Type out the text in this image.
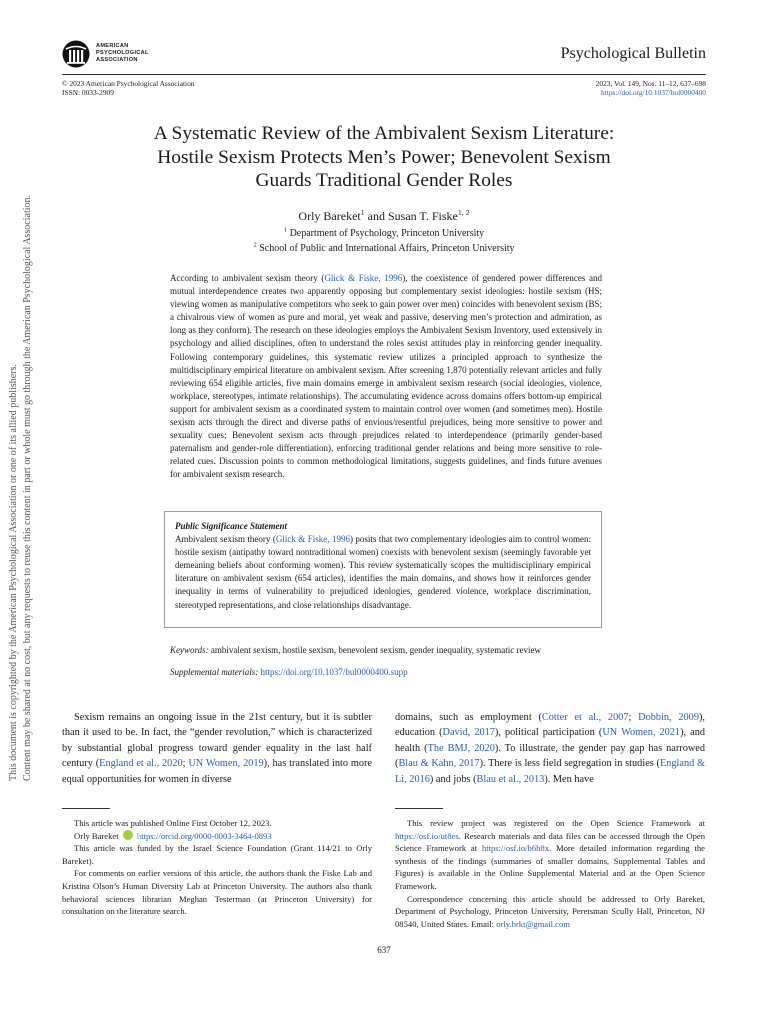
AMERICAN
PSYCHOLOGICAL
ASSOCIATION	Psychological Bulletin
© 2023 American Psychological Association
ISSN: 0033-2909
2023, Vol. 149, Nos. 11–12, 637–698
https://doi.org/10.1037/bul0000400
A Systematic Review of the Ambivalent Sexism Literature:
Hostile Sexism Protects Men’s Power; Benevolent Sexism
Guards Traditional Gender Roles
Orly Bareket$^1$ and Susan T. Fiske$^{1, 2}$
$^1$ Department of Psychology, Princeton University
$^2$ School of Public and International Affairs, Princeton University

According to ambivalent sexism theory (Glick & Fiske, 1996), the coexistence of gendered power differences and mutual interdependence creates two apparently opposing but complementary sexist ideologies: hostile sexism (HS; viewing women as manipulative competitors who seek to gain power over men) coincides with benevolent sexism (BS; a chivalrous view of women as pure and moral, yet weak and passive, deserving men’s protection and admiration, as long as they conform). The research on these ideologies employs the Ambivalent Sexism Inventory, used extensively in psychology and allied disciplines, often to understand the roles sexist attitudes play in reinforcing gender inequality. Following contemporary guidelines, this systematic review utilizes a principled approach to synthesize the multidisciplinary empirical literature on ambivalent sexism. After screening 1,870 potentially relevant articles and fully reviewing 654 eligible articles, five main domains emerge in ambivalent sexism research (social ideologies, violence, workplace, stereotypes, intimate relationships). The accumulating evidence across domains offers bottom-up empirical support for ambivalent sexism as a coordinated system to maintain control over women (and sometimes men). Hostile sexism acts through the direct and diverse paths of envious/resentful prejudices, being more sensitive to power and sexuality cues; Benevolent sexism acts through prejudices related to interdependence (primarily gender-based paternalism and gender-role differentiation), enforcing traditional gender relations and being more sensitive to role-related cues. Discussion points to common methodological limitations, suggests guidelines, and finds future avenues for ambivalent sexism research.

Public Significance Statement

Ambivalent sexism theory (Glick & Fiske, 1996) posits that two complementary ideologies aim to control women: hostile sexism (antipathy toward nontraditional women) coexists with benevolent sexism (seemingly favorable yet demeaning beliefs about conforming women). This review systematically scopes the multidisciplinary empirical literature on ambivalent sexism (654 articles), identifies the main domains, and shows how it reinforces gender inequality in terms of vulnerability to prejudiced ideologies, gendered violence, workplace discrimination, stereotyped representations, and close relationships disadvantage.

Keywords: ambivalent sexism, hostile sexism, benevolent sexism, gender inequality, systematic review
Supplemental materials: https://doi.org/10.1037/bul0000400.supp

Sexism remains an ongoing issue in the 21st century, but it is subtler than it used to be. In fact, the “gender revolution,” which is characterized by substantial global progress toward gender equality in the last half century (England et al., 2020; UN Women, 2019), has translated into more equal opportunities for women in diverse

domains, such as employment (Cotter et al., 2007; Dobbin, 2009), education (David, 2017), political participation (UN Women, 2021), and health (The BMJ, 2020). To illustrate, the gender pay gap has narrowed (Blau & Kahn, 2017). There is less field segregation in studies (England & Li, 2016) and jobs (Blau et al., 2013). Men have

This article was published Online First October 12, 2023.

Orly Bareket iD https://orcid.org/0000-0003-3464-0893

This article was funded by the Israel Science Foundation (Grant 114/21 to Orly Bareket).

For comments on earlier versions of this article, the authors thank the Fiske Lab and Kristina Olson’s Human Diversity Lab at Princeton University. The authors also thank behavioral sciences librarian Meghan Testerman (at Princeton University) for consultation on the literature search.

This review project was registered on the Open Science Framework at https://osf.io/ut8es. Research materials and data files can be accessed through the Open Science Framework at https://osf.io/b6h8x. More detailed information regarding the synthesis of the findings (summaries of smaller domains, Supplemental Tables and Figures) is available in the Online Supplemental Material and at the Open Science Framework.

Correspondence concerning this article should be addressed to Orly Bareket, Department of Psychology, Princeton University, Peretsman Scully Hall, Princeton, NJ 08540, United States. Email: orly.brkt@gmail.com

637
This document is copyrighted by the American Psychological Association or one of its allied publishers. Content may be shared at no cost, but any requests to reuse this content in part or whole must go through the American Psychological Association.
